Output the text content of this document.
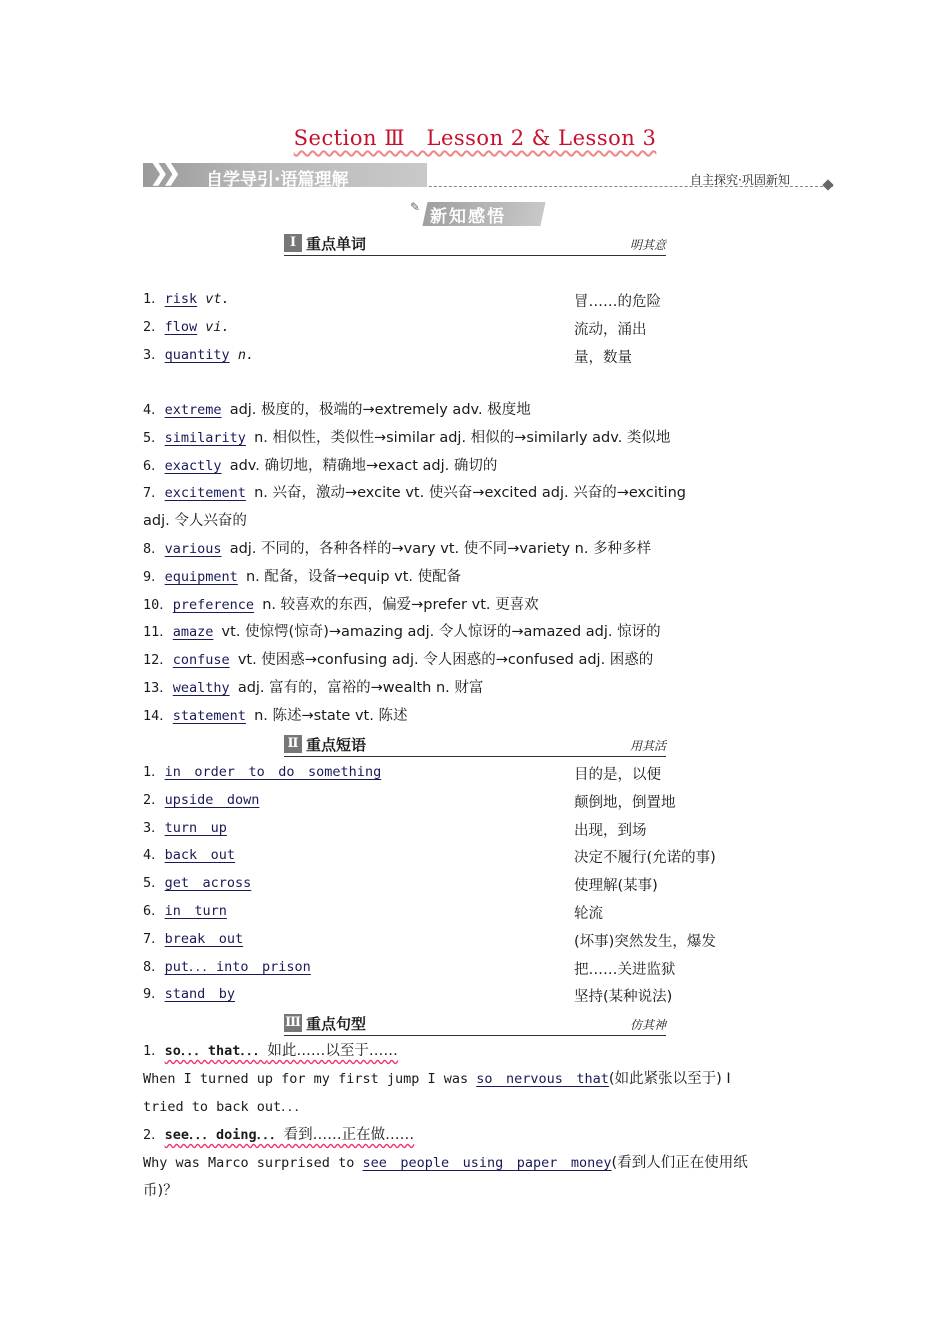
Section Ⅲ　Lesson 2 & Lesson 3
❯❯ 自学导引·语篇理解	自主探究·巩固新知
✎ 新知感悟
Ⅰ 重点单词	明其意
1．risk vt.	冒……的危险
2．flow vi.	流动，涌出
3．quantity n.	量，数量
4．extreme adj. 极度的，极端的→extremely adv. 极度地
5．similarity n. 相似性，类似性→similar adj. 相似的→similarly adv. 类似地
6．exactly adv. 确切地，精确地→exact adj. 确切的
7．excitement n. 兴奋，激动→excite vt. 使兴奋→excited adj. 兴奋的→exciting
adj. 令人兴奋的
8．various adj. 不同的，各种各样的→vary vt. 使不同→variety n. 多种多样
9．equipment n. 配备，设备→equip vt. 使配备
10．preference n. 较喜欢的东西，偏爱→prefer vt. 更喜欢
11．amaze vt. 使惊愕(惊奇)→amazing adj. 令人惊讶的→amazed adj. 惊讶的
12．confuse vt. 使困惑→confusing adj. 令人困惑的→confused adj. 困惑的
13．wealthy adj. 富有的，富裕的→wealth n. 财富
14．statement n. 陈述→state vt. 陈述
Ⅱ 重点短语	用其活
1．in　order　to　do　something	目的是，以便
2．upside　down	颠倒地，倒置地
3．turn　up	出现，到场
4．back　out	决定不履行(允诺的事)
5．get　across	使理解(某事)
6．in　turn	轮流
7．break　out	(坏事)突然发生，爆发
8．put．．．into　prison	把……关进监狱
9．stand　by	坚持(某种说法)
Ⅲ 重点句型	仿其神
1．so．．．that．．．如此……以至于……
When I turned up for my first jump I was so　nervous　that(如此紧张以至于) I
tried to back out．．．
2．see．．．doing．．．看到……正在做……
Why was Marco surprised to see　people　using　paper　money(看到人们正在使用纸
币)？
